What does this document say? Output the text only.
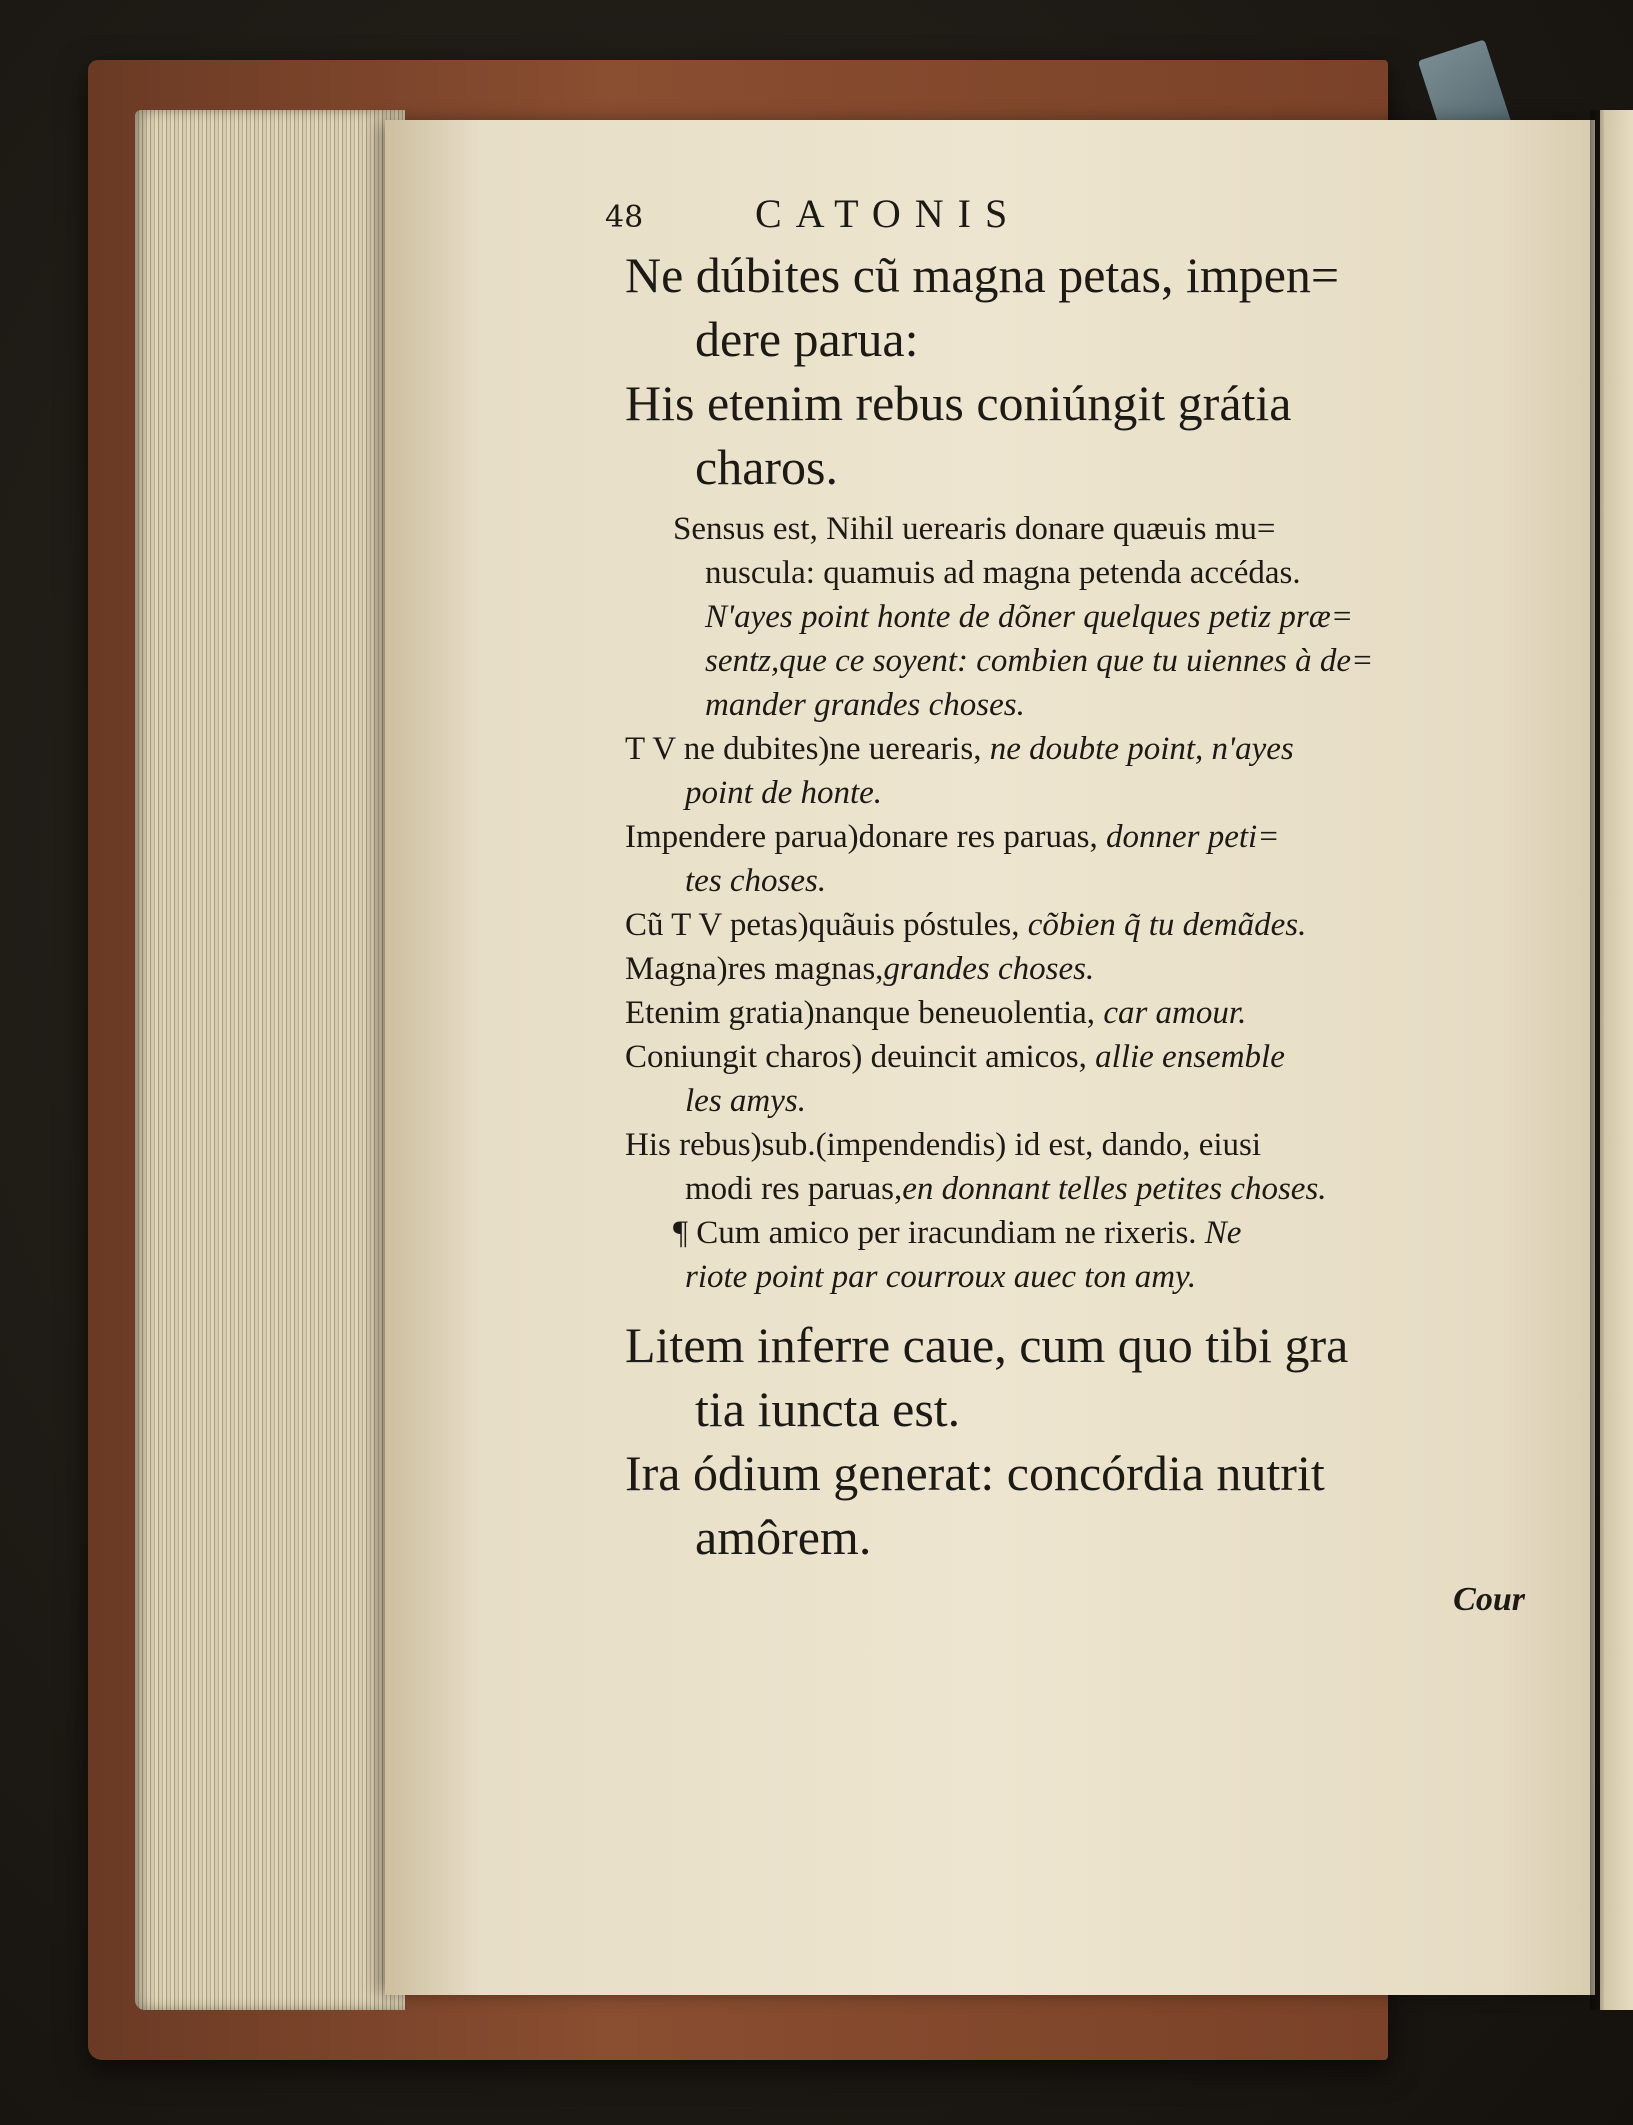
48	CATONIS

Ne dúbites cũ magna petas, impen=

dere parua:

His etenim rebus coniúngit grátia

charos.

Sensus est, Nihil uerearis donare quæuis mu=

nuscula: quamuis ad magna petenda accédas.

N'ayes point honte de dõner quelques petiz præ=

sentz,que ce soyent: combien que tu uiennes à de=

mander grandes choses.

T V ne dubites)ne uerearis, ne doubte point, n'ayes

point de honte.

Impendere parua)donare res paruas, donner peti=

tes choses.

Cũ T V petas)quãuis póstules, cõbien q̃ tu demãdes.

Magna)res magnas,grandes choses.

Etenim gratia)nanque beneuolentia, car amour.

Coniungit charos) deuincit amicos, allie ensemble

les amys.

His rebus)sub.(impendendis) id est, dando, eiusi

modi res paruas,en donnant telles petites choses.

¶ Cum amico per iracundiam ne rixeris. Ne

riote point par courroux auec ton amy.

Litem inferre caue, cum quo tibi gra

tia iuncta est.

Ira ódium generat: concórdia nutrit

amôrem.

Cour
